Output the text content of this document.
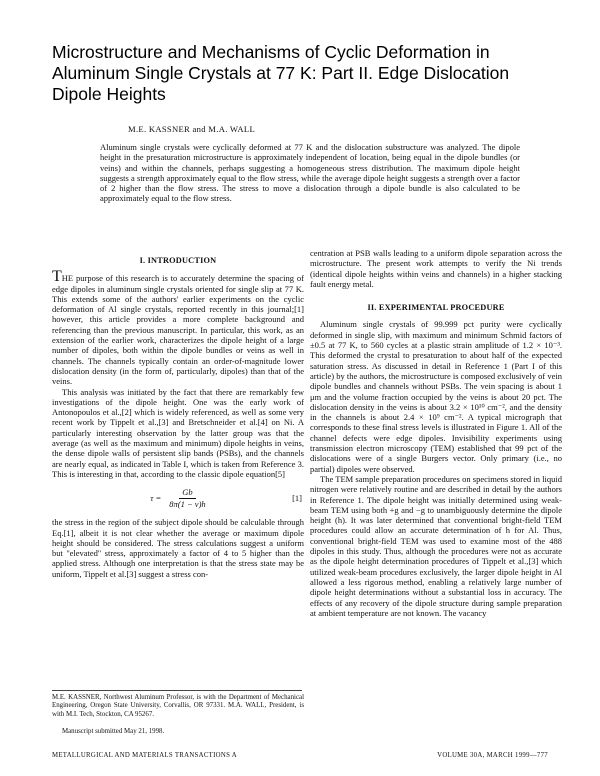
Microstructure and Mechanisms of Cyclic Deformation in Aluminum Single Crystals at 77 K: Part II. Edge Dislocation Dipole Heights
M.E. KASSNER and M.A. WALL

Aluminum single crystals were cyclically deformed at 77 K and the dislocation substructure was analyzed. The dipole height in the presaturation microstructure is approximately independent of location, being equal in the dipole bundles (or veins) and within the channels, perhaps suggesting a homogeneous stress distribution. The maximum dipole height suggests a strength approximately equal to the flow stress, while the average dipole height suggests a strength over a factor of 2 higher than the flow stress. The stress to move a dislocation through a dipole bundle is also calculated to be approximately equal to the flow stress.

I. INTRODUCTION

THE purpose of this research is to accurately determine the spacing of edge dipoles in aluminum single crystals oriented for single slip at 77 K. This extends some of the authors' earlier experiments on the cyclic deformation of Al single crystals, reported recently in this journal;[1] however, this article provides a more complete background and referencing than the previous manuscript. In particular, this work, as an extension of the earlier work, characterizes the dipole height of a large number of dipoles, both within the dipole bundles or veins as well in channels. The channels typically contain an order-of-magnitude lower dislocation density (in the form of, particularly, dipoles) than that of the veins.

This analysis was initiated by the fact that there are remarkably few investigations of the dipole height. One was the early work of Antonopoulos et al.,[2] which is widely referenced, as well as some very recent work by Tippelt et al.,[3] and Bretschneider et al.[4] on Ni. A particularly interesting observation by the latter group was that the average (as well as the maximum and minimum) dipole heights in veins, the dense dipole walls of persistent slip bands (PSBs), and the channels are nearly equal, as indicated in Table I, which is taken from Reference 3. This is interesting in that, according to the classic dipole equation[5]

$\tau = \frac{Gb}{8\pi(1 - \nu)h}$	[1]

the stress in the region of the subject dipole should be calculable through Eq.[1], albeit it is not clear whether the average or maximum dipole height should be considered. The stress calculations suggest a uniform but ''elevated'' stress, approximately a factor of 4 to 5 higher than the applied stress. Although one interpretation is that the stress state may be uniform, Tippelt et al.[3] suggest a stress con-

centration at PSB walls leading to a uniform dipole separation across the microstructure. The present work attempts to verify the Ni trends (identical dipole heights within veins and channels) in a higher stacking fault energy metal.

II. EXPERIMENTAL PROCEDURE

Aluminum single crystals of 99.999 pct purity were cyclically deformed in single slip, with maximum and minimum Schmid factors of ±0.5 at 77 K, to 560 cycles at a plastic strain amplitude of 1.2 × 10⁻³. This deformed the crystal to presaturation to about half of the expected saturation stress. As discussed in detail in Reference 1 (Part I of this article) by the authors, the microstructure is composed exclusively of vein dipole bundles and channels without PSBs. The vein spacing is about 1 μm and the volume fraction occupied by the veins is about 20 pct. The dislocation density in the veins is about 3.2 × 10¹⁰ cm⁻², and the density in the channels is about 2.4 × 10⁹ cm⁻². A typical micrograph that corresponds to these final stress levels is illustrated in Figure 1. All of the channel defects were edge dipoles. Invisibility experiments using transmission electron microscopy (TEM) established that 99 pct of the dislocations were of a single Burgers vector. Only primary (i.e., no partial) dipoles were observed.

The TEM sample preparation procedures on specimens stored in liquid nitrogen were relatively routine and are described in detail by the authors in Reference 1. The dipole height was initially determined using weak-beam TEM using both +g and −g to unambiguously determine the dipole height (h). It was later determined that conventional bright-field TEM procedures could allow an accurate determination of h for Al. Thus, conventional bright-field TEM was used to examine most of the 488 dipoles in this study. Thus, although the procedures were not as accurate as the dipole height determination procedures of Tippelt et al.,[3] which utilized weak-beam procedures exclusively, the larger dipole height in Al allowed a less rigorous method, enabling a relatively large number of dipole height determinations without a substantial loss in accuracy. The effects of any recovery of the dipole structure during sample preparation at ambient temperature are not known. The vacancy

M.E. KASSNER, Northwest Aluminum Professor, is with the Department of Mechanical Engineering, Oregon State University, Corvallis, OR 97331. M.A. WALL, President, is with M.I. Tech, Stockton, CA 95267.

Manuscript submitted May 21, 1998.
METALLURGICAL AND MATERIALS TRANSACTIONS A	VOLUME 30A, MARCH 1999—777
